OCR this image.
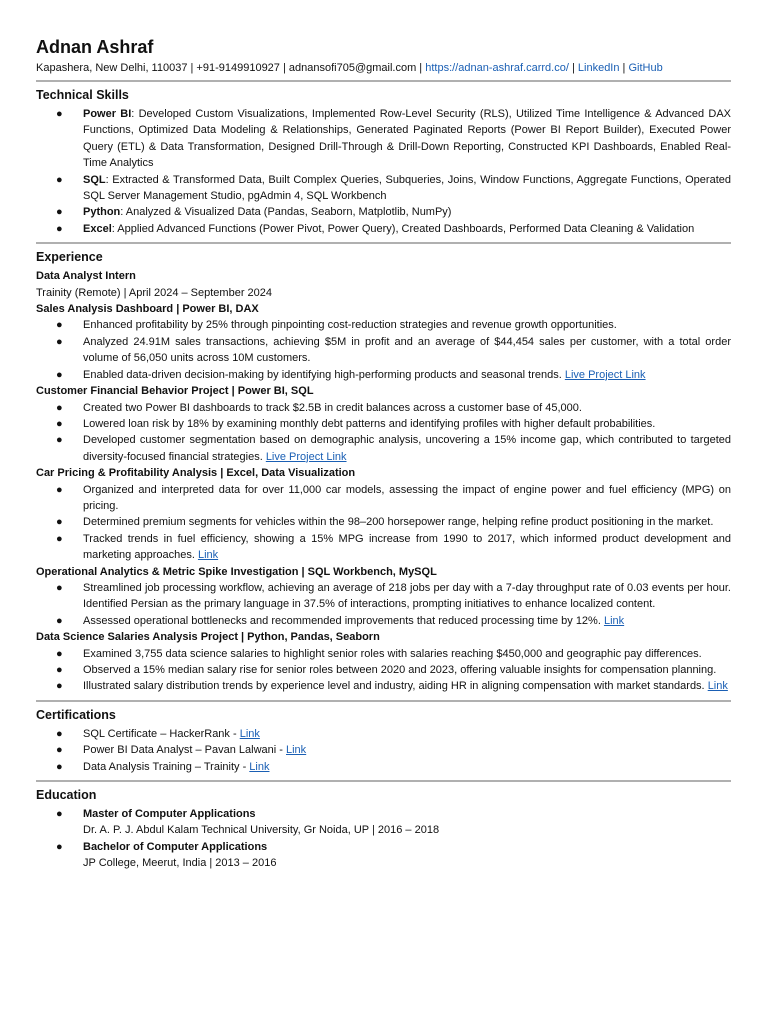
Adnan Ashraf
Kapashera, New Delhi, 110037 | +91-9149910927 | adnansofi705@gmail.com | https://adnan-ashraf.carrd.co/ | LinkedIn | GitHub
Technical Skills
● Power BI: Developed Custom Visualizations, Implemented Row-Level Security (RLS), Utilized Time Intelligence & Advanced DAX Functions, Optimized Data Modeling & Relationships, Generated Paginated Reports (Power BI Report Builder), Executed Power Query (ETL) & Data Transformation, Designed Drill-Through & Drill-Down Reporting, Constructed KPI Dashboards, Enabled Real-Time Analytics
● SQL: Extracted & Transformed Data, Built Complex Queries, Subqueries, Joins, Window Functions, Aggregate Functions, Operated SQL Server Management Studio, pgAdmin 4, SQL Workbench
● Python: Analyzed & Visualized Data (Pandas, Seaborn, Matplotlib, NumPy)
● Excel: Applied Advanced Functions (Power Pivot, Power Query), Created Dashboards, Performed Data Cleaning & Validation
Experience
Data Analyst Intern
Trainity (Remote) | April 2024 – September 2024
Sales Analysis Dashboard | Power BI, DAX
● Enhanced profitability by 25% through pinpointing cost-reduction strategies and revenue growth opportunities.
● Analyzed 24.91M sales transactions, achieving $5M in profit and an average of $44,454 sales per customer, with a total order volume of 56,050 units across 10M customers.
● Enabled data-driven decision-making by identifying high-performing products and seasonal trends. Live Project Link
Customer Financial Behavior Project | Power BI, SQL
● Created two Power BI dashboards to track $2.5B in credit balances across a customer base of 45,000.
● Lowered loan risk by 18% by examining monthly debt patterns and identifying profiles with higher default probabilities.
● Developed customer segmentation based on demographic analysis, uncovering a 15% income gap, which contributed to targeted diversity-focused financial strategies. Live Project Link
Car Pricing & Profitability Analysis | Excel, Data Visualization
● Organized and interpreted data for over 11,000 car models, assessing the impact of engine power and fuel efficiency (MPG) on pricing.
● Determined premium segments for vehicles within the 98–200 horsepower range, helping refine product positioning in the market.
● Tracked trends in fuel efficiency, showing a 15% MPG increase from 1990 to 2017, which informed product development and marketing approaches. Link
Operational Analytics & Metric Spike Investigation | SQL Workbench, MySQL
● Streamlined job processing workflow, achieving an average of 218 jobs per day with a 7-day throughput rate of 0.03 events per hour. Identified Persian as the primary language in 37.5% of interactions, prompting initiatives to enhance localized content.
● Assessed operational bottlenecks and recommended improvements that reduced processing time by 12%. Link
Data Science Salaries Analysis Project | Python, Pandas, Seaborn
● Examined 3,755 data science salaries to highlight senior roles with salaries reaching $450,000 and geographic pay differences.
● Observed a 15% median salary rise for senior roles between 2020 and 2023, offering valuable insights for compensation planning.
● Illustrated salary distribution trends by experience level and industry, aiding HR in aligning compensation with market standards. Link
Certifications
● SQL Certificate – HackerRank - Link
● Power BI Data Analyst – Pavan Lalwani - Link
● Data Analysis Training – Trainity - Link
Education
● Master of Computer Applications
Dr. A. P. J. Abdul Kalam Technical University, Gr Noida, UP | 2016 – 2018
● Bachelor of Computer Applications
JP College, Meerut, India | 2013 – 2016
